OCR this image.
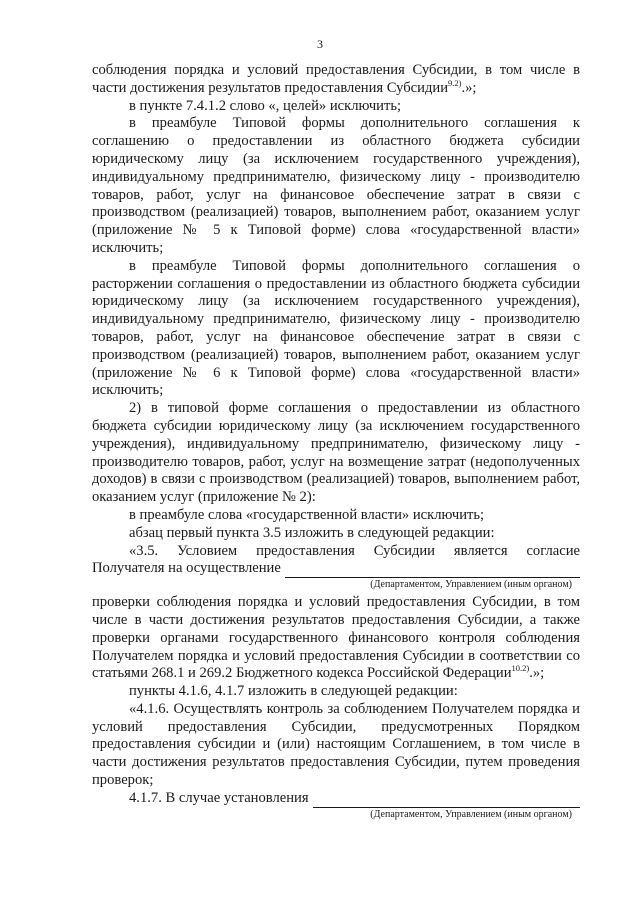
3

соблюдения порядка и условий предоставления Субсидии, в том числе в части достижения результатов предоставления Субсидии$^{9.2)}$.»;

в пункте 7.4.1.2 слово «, целей» исключить;

в преамбуле Типовой формы дополнительного соглашения к соглашению о предоставлении из областного бюджета субсидии юридическому лицу (за исключением государственного учреждения), индивидуальному предпринимателю, физическому лицу - производителю товаров, работ, услуг на финансовое обеспечение затрат в связи с производством (реализацией) товаров, выполнением работ, оказанием услуг (приложение № 5 к Типовой форме) слова «государственной власти» исключить;

в преамбуле Типовой формы дополнительного соглашения о расторжении соглашения о предоставлении из областного бюджета субсидии юридическому лицу (за исключением государственного учреждения), индивидуальному предпринимателю, физическому лицу - производителю товаров, работ, услуг на финансовое обеспечение затрат в связи с производством (реализацией) товаров, выполнением работ, оказанием услуг (приложение № 6 к Типовой форме) слова «государственной власти» исключить;

2) в типовой форме соглашения о предоставлении из областного бюджета субсидии юридическому лицу (за исключением государственного учреждения), индивидуальному предпринимателю, физическому лицу - производителю товаров, работ, услуг на возмещение затрат (недополученных доходов) в связи с производством (реализацией) товаров, выполнением работ, оказанием услуг (приложение № 2):

в преамбуле слова «государственной власти» исключить;

абзац первый пункта 3.5 изложить в следующей редакции:

«3.5. Условием предоставления Субсидии является согласие

Получателя на осуществление
(Департаментом, Управлением (иным органом)

проверки соблюдения порядка и условий предоставления Субсидии, в том числе в части достижения результатов предоставления Субсидии, а также проверки органами государственного финансового контроля соблюдения Получателем порядка и условий предоставления Субсидии в соответствии со статьями 268.1 и 269.2 Бюджетного кодекса Российской Федерации$^{10.2)}$.»;

пункты 4.1.6, 4.1.7 изложить в следующей редакции:

«4.1.6. Осуществлять контроль за соблюдением Получателем порядка и условий предоставления Субсидии, предусмотренных Порядком предоставления субсидии и (или) настоящим Соглашением, в том числе в части достижения результатов предоставления Субсидии, путем проведения проверок;

4.1.7. В случае установления
(Департаментом, Управлением (иным органом)
